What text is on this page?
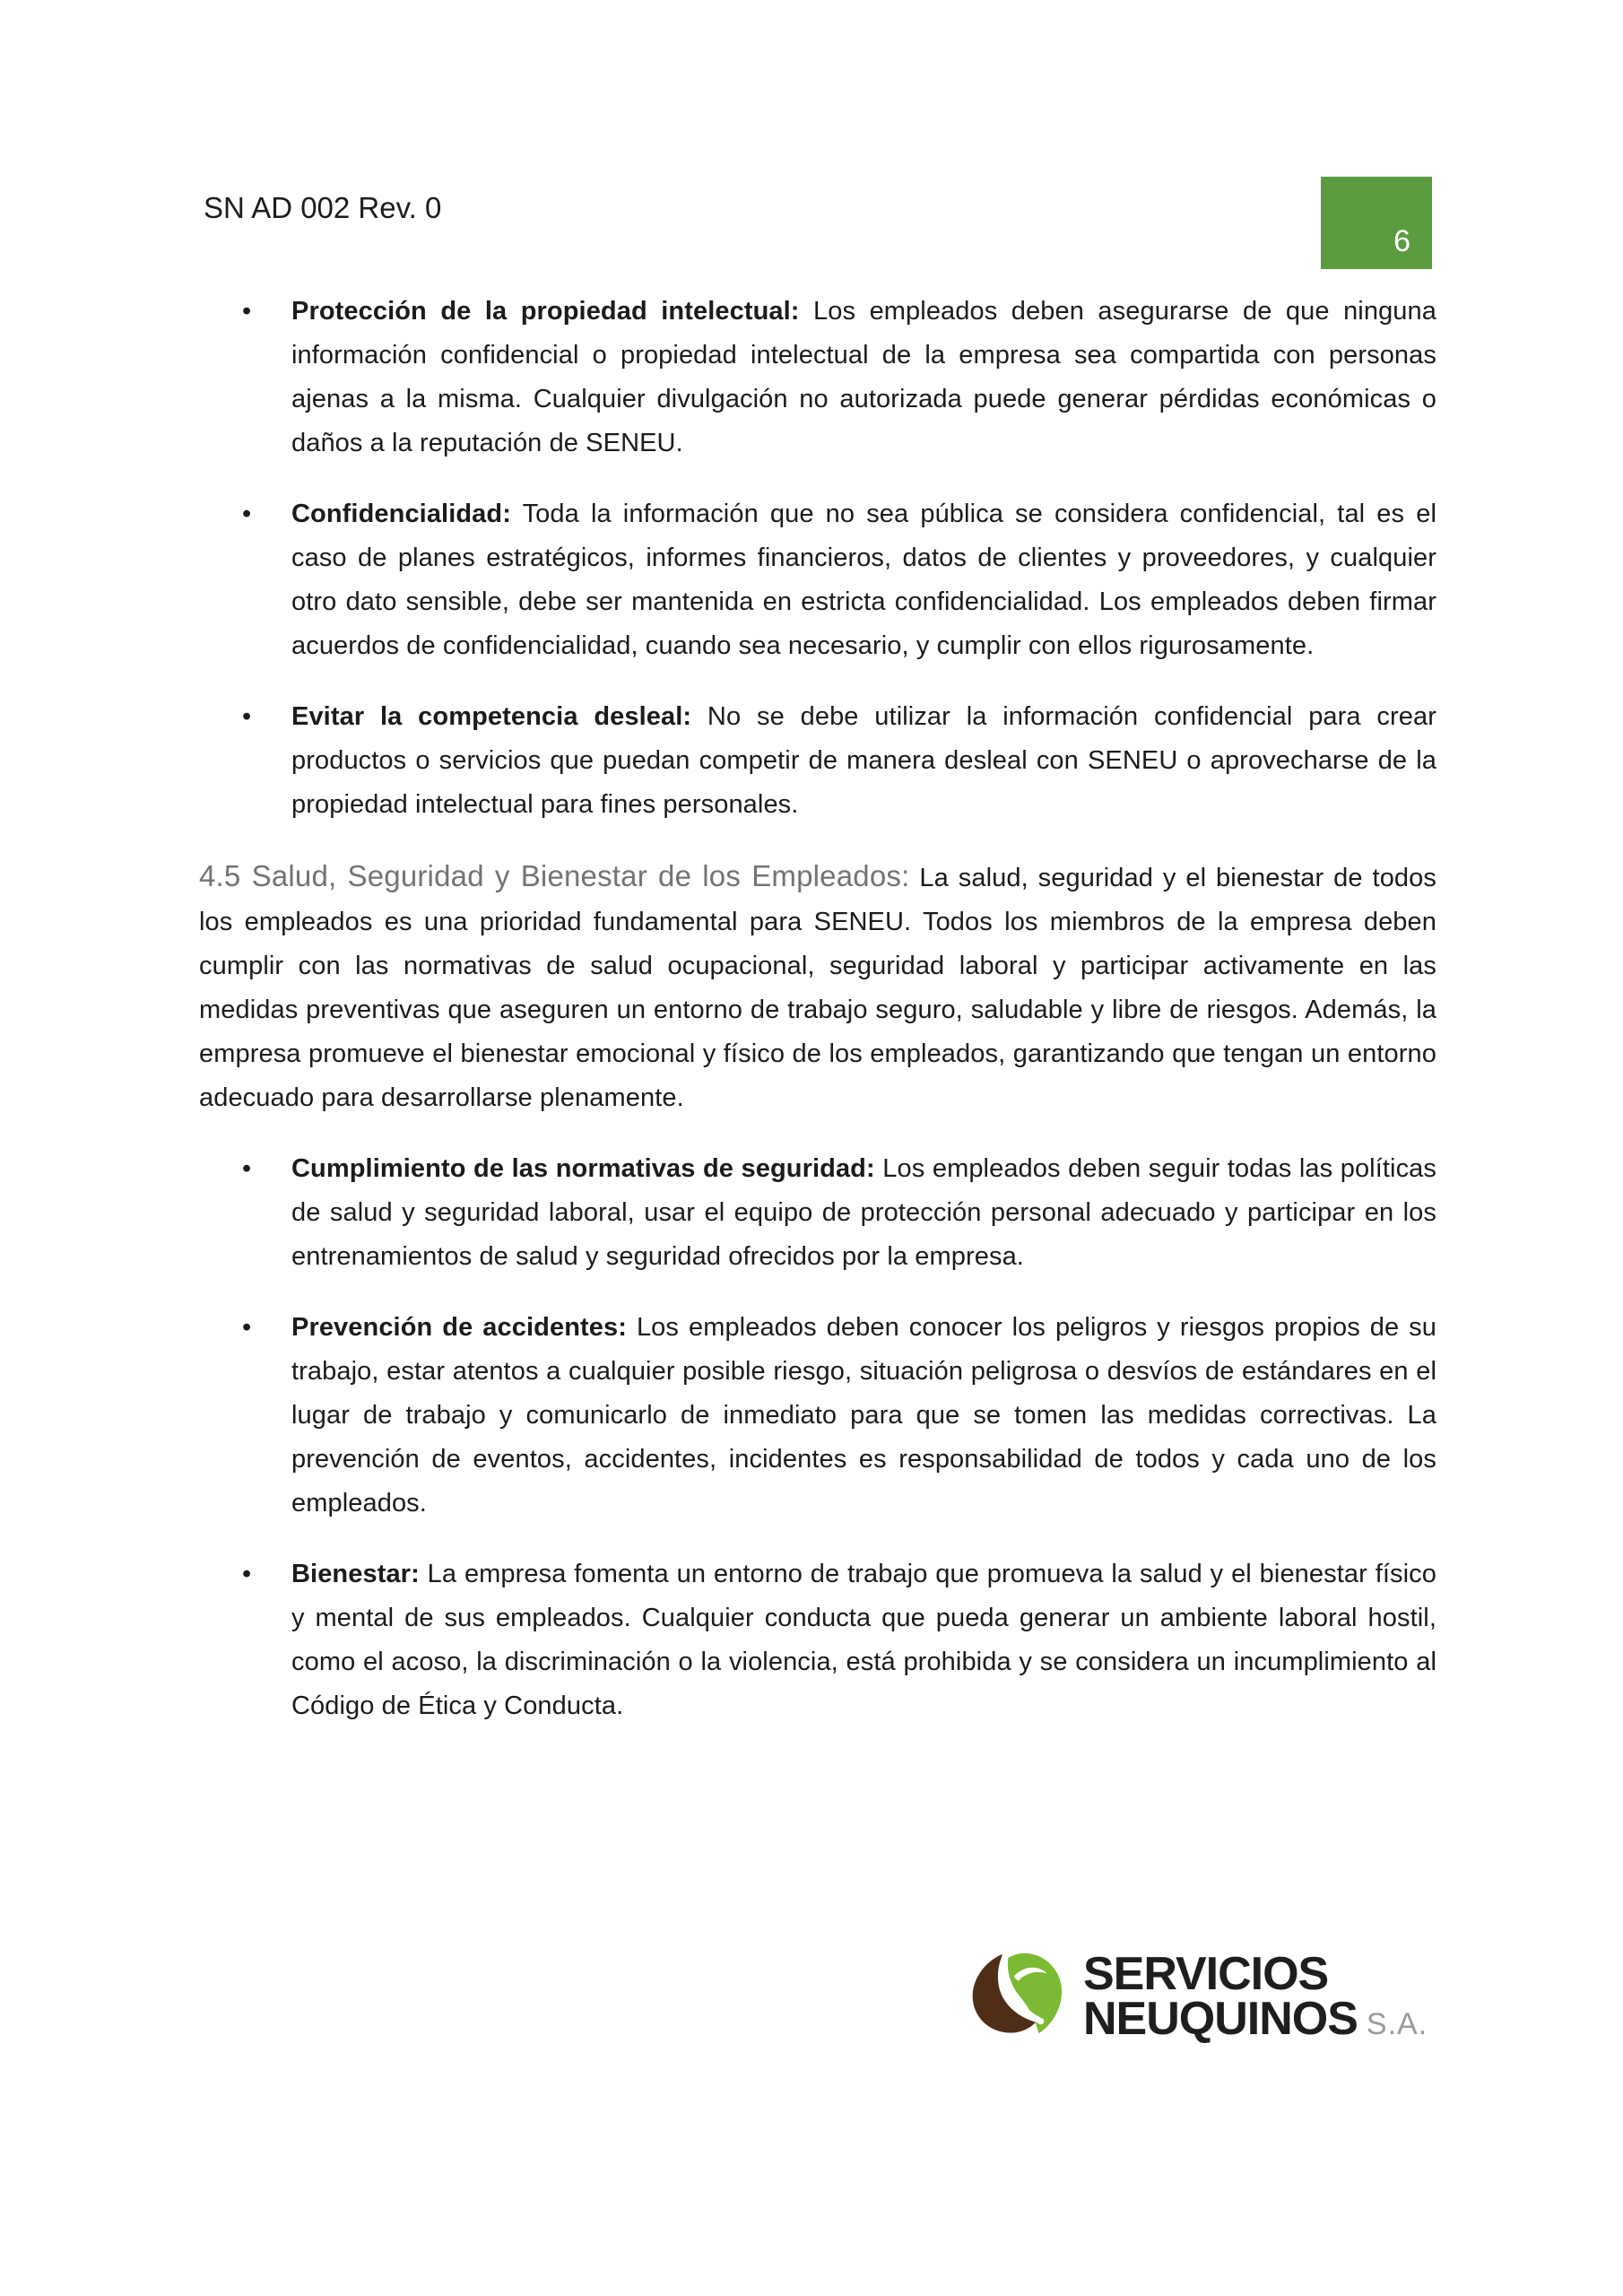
SN AD 002 Rev. 0
6
• Protección de la propiedad intelectual: Los empleados deben asegurarse de que ninguna información confidencial o propiedad intelectual de la empresa sea compartida con personas ajenas a la misma. Cualquier divulgación no autorizada puede generar pérdidas económicas o daños a la reputación de SENEU.

• Confidencialidad: Toda la información que no sea pública se considera confidencial, tal es el caso de planes estratégicos, informes financieros, datos de clientes y proveedores, y cualquier otro dato sensible, debe ser mantenida en estricta confidencialidad. Los empleados deben firmar acuerdos de confidencialidad, cuando sea necesario, y cumplir con ellos rigurosamente.

• Evitar la competencia desleal: No se debe utilizar la información confidencial para crear productos o servicios que puedan competir de manera desleal con SENEU o aprovecharse de la propiedad intelectual para fines personales.

4.5 Salud, Seguridad y Bienestar de los Empleados: La salud, seguridad y el bienestar de todos los empleados es una prioridad fundamental para SENEU. Todos los miembros de la empresa deben cumplir con las normativas de salud ocupacional, seguridad laboral y participar activamente en las medidas preventivas que aseguren un entorno de trabajo seguro, saludable y libre de riesgos. Además, la empresa promueve el bienestar emocional y físico de los empleados, garantizando que tengan un entorno adecuado para desarrollarse plenamente.

• Cumplimiento de las normativas de seguridad: Los empleados deben seguir todas las políticas de salud y seguridad laboral, usar el equipo de protección personal adecuado y participar en los entrenamientos de salud y seguridad ofrecidos por la empresa.

• Prevención de accidentes: Los empleados deben conocer los peligros y riesgos propios de su trabajo, estar atentos a cualquier posible riesgo, situación peligrosa o desvíos de estándares en el lugar de trabajo y comunicarlo de inmediato para que se tomen las medidas correctivas. La prevención de eventos, accidentes, incidentes es responsabilidad de todos y cada uno de los empleados.

• Bienestar: La empresa fomenta un entorno de trabajo que promueva la salud y el bienestar físico y mental de sus empleados. Cualquier conducta que pueda generar un ambiente laboral hostil, como el acoso, la discriminación o la violencia, está prohibida y se considera un incumplimiento al Código de Ética y Conducta.

SERVICIOS
NEUQUINOS S.A.
